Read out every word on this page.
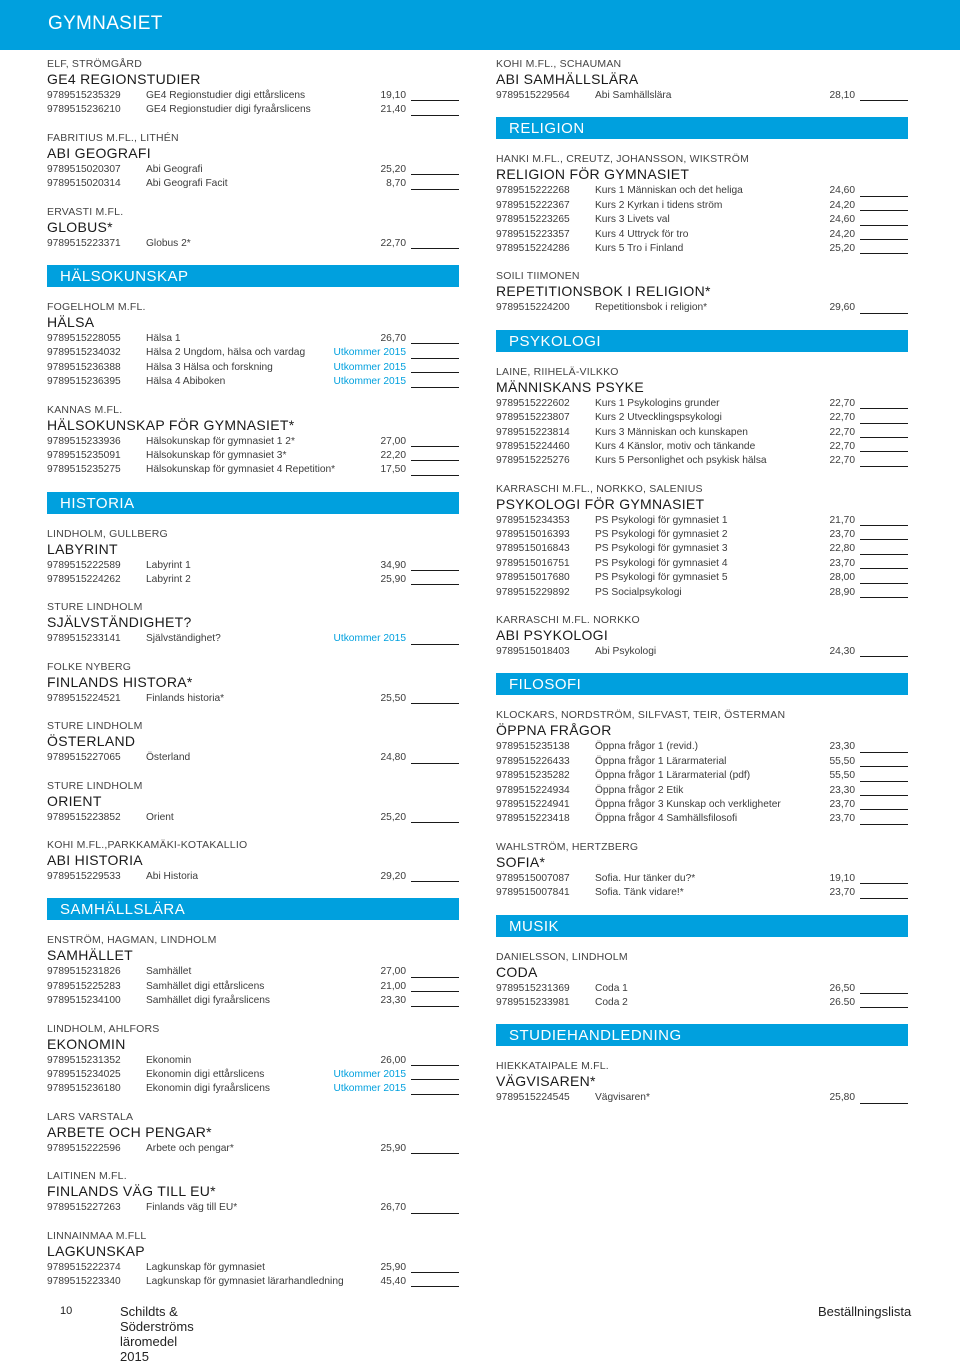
GYMNASIET
ELF, STRÖMGÅRD
GE4 REGIONSTUDIER
9789515235329 GE4 Regionstudier digi ettårslicens	19,10
9789515236210 GE4 Regionstudier digi fyraårslicens	21,40
FABRITIUS M.FL., LITHÉN
ABI GEOGRAFI
9789515020307 Abi Geografi	25,20
9789515020314 Abi Geografi Facit	8,70
ERVASTI M.FL.
GLOBUS*
9789515223371 Globus 2*	22,70
HÄLSOKUNSKAP
FOGELHOLM M.FL.
HÄLSA
9789515228055 Hälsa 1	26,70
9789515234032 Hälsa 2 Ungdom, hälsa och vardag	Utkommer 2015
9789515236388 Hälsa 3 Hälsa och forskning	Utkommer 2015
9789515236395 Hälsa 4 Abiboken	Utkommer 2015
KANNAS M.FL.
HÄLSOKUNSKAP FÖR GYMNASIET*
9789515233936 Hälsokunskap för gymnasiet 1 2*	27,00
9789515235091 Hälsokunskap för gymnasiet 3*	22,20
9789515235275 Hälsokunskap för gymnasiet 4 Repetition*	17,50
HISTORIA
LINDHOLM, GULLBERG
LABYRINT
9789515222589 Labyrint 1	34,90
9789515224262 Labyrint 2	25,90
STURE LINDHOLM
SJÄLVSTÄNDIGHET?
9789515233141 Självständighet?	Utkommer 2015
FOLKE NYBERG
FINLANDS HISTORA*
9789515224521 Finlands historia*	25,50
STURE LINDHOLM
ÖSTERLAND
9789515227065 Österland	24,80
STURE LINDHOLM
ORIENT
9789515223852 Orient	25,20
KOHI M.FL.,PARKKAMÄKI-KOTAKALLIO
ABI HISTORIA
9789515229533 Abi Historia	29,20
SAMHÄLLSLÄRA
ENSTRÖM, HAGMAN, LINDHOLM
SAMHÄLLET
9789515231826 Samhället	27,00
9789515225283 Samhället digi ettårslicens	21,00
9789515234100 Samhället digi fyraårslicens	23,30
LINDHOLM, AHLFORS
EKONOMIN
9789515231352 Ekonomin	26,00
9789515234025 Ekonomin digi ettårslicens	Utkommer 2015
9789515236180 Ekonomin digi fyraårslicens	Utkommer 2015
LARS VARSTALA
ARBETE OCH PENGAR*
9789515222596 Arbete och pengar*	25,90
LAITINEN M.FL.
FINLANDS VÄG TILL EU*
9789515227263 Finlands väg till EU*	26,70
LINNAINMAA M.FLL
LAGKUNSKAP
9789515222374 Lagkunskap för gymnasiet	25,90
9789515223340 Lagkunskap för gymnasiet lärarhandledning	45,40
KOHI M.FL., SCHAUMAN
ABI SAMHÄLLSLÄRA
9789515229564 Abi Samhällslära	28,10
RELIGION
HANKI M.FL., CREUTZ, JOHANSSON, WIKSTRÖM
RELIGION FÖR GYMNASIET
9789515222268 Kurs 1 Människan och det heliga	24,60
9789515222367 Kurs 2 Kyrkan i tidens ström	24,20
9789515223265 Kurs 3 Livets val	24,60
9789515223357 Kurs 4 Uttryck för tro	24,20
9789515224286 Kurs 5 Tro i Finland	25,20
SOILI TIIMONEN
REPETITIONSBOK I RELIGION*
9789515224200 Repetitionsbok i religion*	29,60
PSYKOLOGI
LAINE, RIIHELÄ-VILKKO
MÄNNISKANS PSYKE
9789515222602 Kurs 1 Psykologins grunder	22,70
9789515223807 Kurs 2 Utvecklingspsykologi	22,70
9789515223814 Kurs 3 Människan och kunskapen	22,70
9789515224460 Kurs 4 Känslor, motiv och tänkande	22,70
9789515225276 Kurs 5 Personlighet och psykisk hälsa	22,70
KARRASCHI M.FL., NORKKO, SALENIUS
PSYKOLOGI FÖR GYMNASIET
9789515234353 PS Psykologi för gymnasiet 1	21,70
9789515016393 PS Psykologi för gymnasiet 2	23,70
9789515016843 PS Psykologi för gymnasiet 3	22,80
9789515016751 PS Psykologi för gymnasiet 4	23,70
9789515017680 PS Psykologi för gymnasiet 5	28,00
9789515229892 PS Socialpsykologi	28,90
KARRASCHI M.FL. NORKKO
ABI PSYKOLOGI
9789515018403 Abi Psykologi	24,30
FILOSOFI
KLOCKARS, NORDSTRÖM, SILFVAST, TEIR, ÖSTERMAN
ÖPPNA FRÅGOR
9789515235138 Öppna frågor 1 (revid.)	23,30
9789515226433 Öppna frågor 1 Lärarmaterial	55,50
9789515235282 Öppna frågor 1 Lärarmaterial (pdf)	55,50
9789515224934 Öppna frågor 2 Etik	23,30
9789515224941 Öppna frågor 3 Kunskap och verkligheter	23,70
9789515223418 Öppna frågor 4 Samhällsfilosofi	23,70
WAHLSTRÖM, HERTZBERG
SOFIA*
9789515007087 Sofia. Hur tänker du?*	19,10
9789515007841 Sofia. Tänk vidare!*	23,70
MUSIK
DANIELSSON, LINDHOLM
CODA
9789515231369 Coda 1	26,50
9789515233981 Coda 2	26.50
STUDIEHANDLEDNING
HIEKKATAIPALE M.FL.
VÄGVISAREN*
9789515224545 Vägvisaren*	25,80
10	Schildts & Söderströms läromedel 2015
Beställningslista
